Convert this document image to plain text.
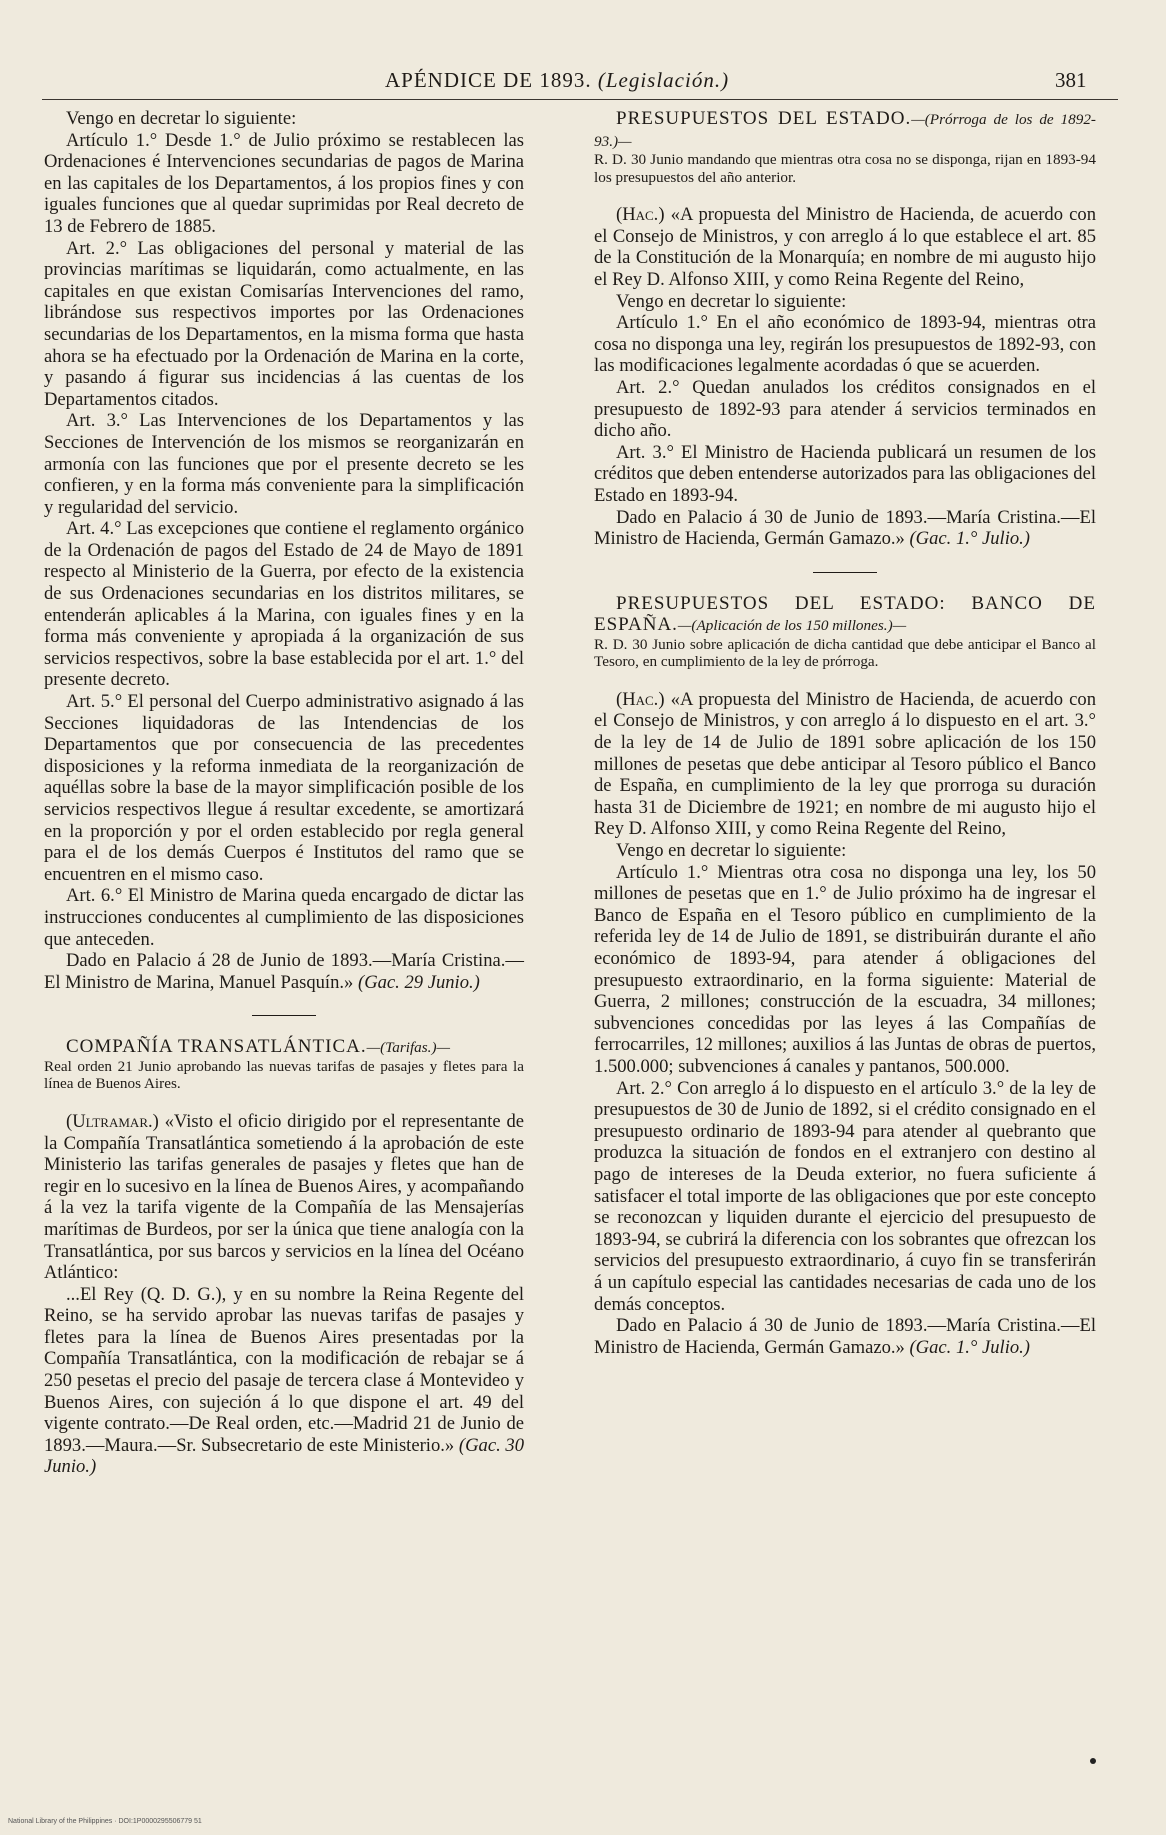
APÉNDICE DE 1893. (Legislación.)	381

Vengo en decretar lo siguiente:

Artículo 1.° Desde 1.° de Julio próximo se restablecen las Ordenaciones é Intervenciones secundarias de pagos de Marina en las capitales de los Departamentos, á los propios fines y con iguales funciones que al quedar suprimidas por Real decreto de 13 de Febrero de 1885.

Art. 2.° Las obligaciones del personal y material de las provincias marítimas se liquidarán, como actualmente, en las capitales en que existan Comisarías Intervenciones del ramo, librándose sus respectivos importes por las Ordenaciones secundarias de los Departamentos, en la misma forma que hasta ahora se ha efectuado por la Ordenación de Marina en la corte, y pasando á figurar sus incidencias á las cuentas de los Departamentos citados.

Art. 3.° Las Intervenciones de los Departamentos y las Secciones de Intervención de los mismos se reorganizarán en armonía con las funciones que por el presente decreto se les confieren, y en la forma más conveniente para la simplificación y regularidad del servicio.

Art. 4.° Las excepciones que contiene el reglamento orgánico de la Ordenación de pagos del Estado de 24 de Mayo de 1891 respecto al Ministerio de la Guerra, por efecto de la existencia de sus Ordenaciones secundarias en los distritos militares, se entenderán aplicables á la Marina, con iguales fines y en la forma más conveniente y apropiada á la organización de sus servicios respectivos, sobre la base establecida por el art. 1.° del presente decreto.

Art. 5.° El personal del Cuerpo administrativo asignado á las Secciones liquidadoras de las Intendencias de los Departamentos que por consecuencia de las precedentes disposiciones y la reforma inmediata de la reorganización de aquéllas sobre la base de la mayor simplificación posible de los servicios respectivos llegue á resultar excedente, se amortizará en la proporción y por el orden establecido por regla general para el de los demás Cuerpos é Institutos del ramo que se encuentren en el mismo caso.

Art. 6.° El Ministro de Marina queda encargado de dictar las instrucciones conducentes al cumplimiento de las disposiciones que anteceden.

Dado en Palacio á 28 de Junio de 1893.—María Cristina.—El Ministro de Marina, Manuel Pasquín.» (Gac. 29 Junio.)

COMPAÑÍA TRANSATLÁNTICA.—(Tarifas.)—

Real orden 21 Junio aprobando las nuevas tarifas de pasajes y fletes para la línea de Buenos Aires.

(Ultramar.) «Visto el oficio dirigido por el representante de la Compañía Transatlántica sometiendo á la aprobación de este Ministerio las tarifas generales de pasajes y fletes que han de regir en lo sucesivo en la línea de Buenos Aires, y acompañando á la vez la tarifa vigente de la Compañía de las Mensajerías marítimas de Burdeos, por ser la única que tiene analogía con la Transatlántica, por sus barcos y servicios en la línea del Océano Atlántico:

...El Rey (Q. D. G.), y en su nombre la Reina Regente del Reino, se ha servido aprobar las nuevas tarifas de pasajes y fletes para la línea de Buenos Aires presentadas por la Compañía Transatlántica, con la modificación de rebajar se á 250 pesetas el precio del pasaje de tercera clase á Montevideo y Buenos Aires, con sujeción á lo que dispone el art. 49 del vigente contrato.—De Real orden, etc.—Madrid 21 de Junio de 1893.—Maura.—Sr. Subsecretario de este Ministerio.» (Gac. 30 Junio.)

PRESUPUESTOS DEL ESTADO.—(Prórroga de los de 1892-93.)—

R. D. 30 Junio mandando que mientras otra cosa no se disponga, rijan en 1893-94 los presupuestos del año anterior.

(Hac.) «A propuesta del Ministro de Hacienda, de acuerdo con el Consejo de Ministros, y con arreglo á lo que establece el art. 85 de la Constitución de la Monarquía; en nombre de mi augusto hijo el Rey D. Alfonso XIII, y como Reina Regente del Reino,

Vengo en decretar lo siguiente:

Artículo 1.° En el año económico de 1893-94, mientras otra cosa no disponga una ley, regirán los presupuestos de 1892-93, con las modificaciones legalmente acordadas ó que se acuerden.

Art. 2.° Quedan anulados los créditos consignados en el presupuesto de 1892-93 para atender á servicios terminados en dicho año.

Art. 3.° El Ministro de Hacienda publicará un resumen de los créditos que deben entenderse autorizados para las obligaciones del Estado en 1893-94.

Dado en Palacio á 30 de Junio de 1893.—María Cristina.—El Ministro de Hacienda, Germán Gamazo.» (Gac. 1.° Julio.)

PRESUPUESTOS DEL ESTADO: BANCO DE ESPAÑA.—(Aplicación de los 150 millones.)—

R. D. 30 Junio sobre aplicación de dicha cantidad que debe anticipar el Banco al Tesoro, en cumplimiento de la ley de prórroga.

(Hac.) «A propuesta del Ministro de Hacienda, de acuerdo con el Consejo de Ministros, y con arreglo á lo dispuesto en el art. 3.° de la ley de 14 de Julio de 1891 sobre aplicación de los 150 millones de pesetas que debe anticipar al Tesoro público el Banco de España, en cumplimiento de la ley que prorroga su duración hasta 31 de Diciembre de 1921; en nombre de mi augusto hijo el Rey D. Alfonso XIII, y como Reina Regente del Reino,

Vengo en decretar lo siguiente:

Artículo 1.° Mientras otra cosa no disponga una ley, los 50 millones de pesetas que en 1.° de Julio próximo ha de ingresar el Banco de España en el Tesoro público en cumplimiento de la referida ley de 14 de Julio de 1891, se distribuirán durante el año económico de 1893-94, para atender á obligaciones del presupuesto extraordinario, en la forma siguiente: Material de Guerra, 2 millones; construcción de la escuadra, 34 millones; subvenciones concedidas por las leyes á las Compañías de ferrocarriles, 12 millones; auxilios á las Juntas de obras de puertos, 1.500.000; subvenciones á canales y pantanos, 500.000.

Art. 2.° Con arreglo á lo dispuesto en el artículo 3.° de la ley de presupuestos de 30 de Junio de 1892, si el crédito consignado en el presupuesto ordinario de 1893-94 para atender al quebranto que produzca la situación de fondos en el extranjero con destino al pago de intereses de la Deuda exterior, no fuera suficiente á satisfacer el total importe de las obligaciones que por este concepto se reconozcan y liquiden durante el ejercicio del presupuesto de 1893-94, se cubrirá la diferencia con los sobrantes que ofrezcan los servicios del presupuesto extraordinario, á cuyo fin se transferirán á un capítulo especial las cantidades necesarias de cada uno de los demás conceptos.

Dado en Palacio á 30 de Junio de 1893.—María Cristina.—El Ministro de Hacienda, Germán Gamazo.» (Gac. 1.° Julio.)

National Library of the Philippines · DOI:1P0000295506779 51
